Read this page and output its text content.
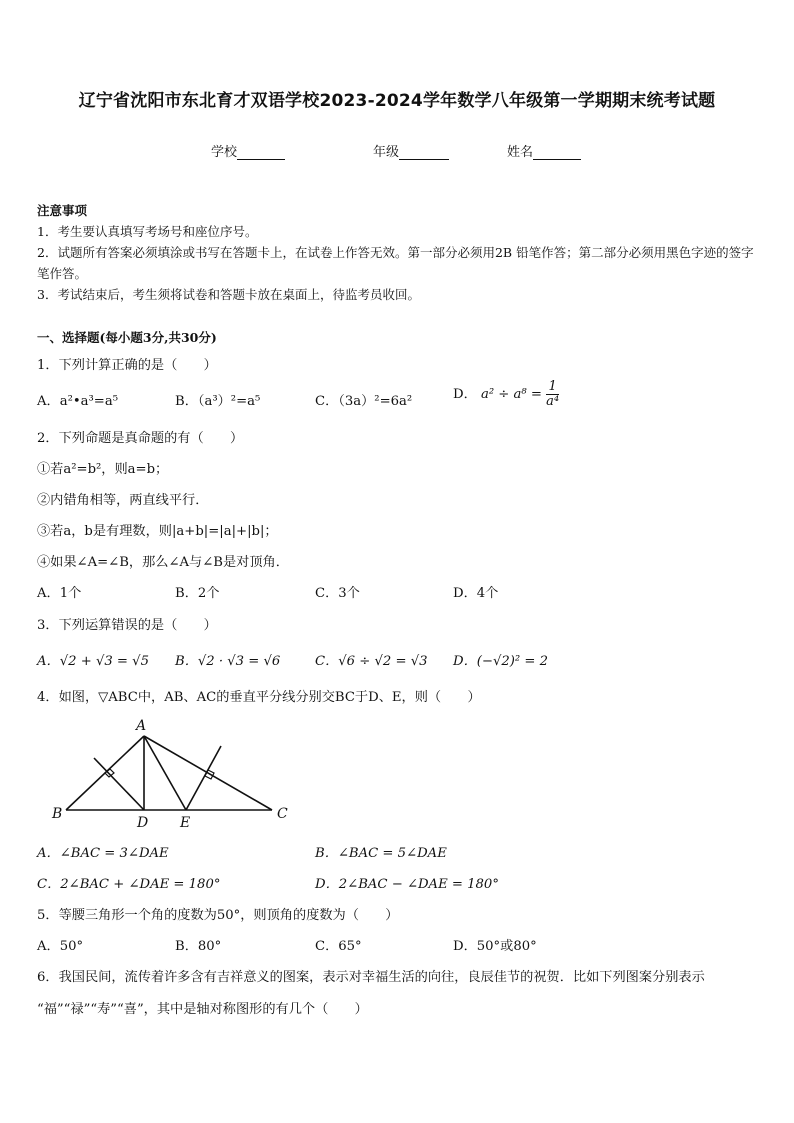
辽宁省沈阳市东北育才双语学校2023-2024学年数学八年级第一学期期末统考试题
学校	年级	姓名
注意事项
1．考生要认真填写考场号和座位序号。
2．试题所有答案必须填涂或书写在答题卡上，在试卷上作答无效。第一部分必须用2B 铅笔作答；第二部分必须用黑色字迹的签字笔作答。
3．考试结束后，考生须将试卷和答题卡放在桌面上，待监考员收回。
一、选择题(每小题3分,共30分)
1．下列计算正确的是（　　）
A．a²•a³=a⁵	B．（a³）²=a⁵	C．（3a）²=6a²	D． $a^2 \div a^8 = \frac{1}{\text{a⁴}}$
2．下列命题是真命题的有（　　）
①若a²=b²，则a=b；
②内错角相等，两直线平行．
③若a，b是有理数，则|a+b|=|a|+|b|；
④如果∠A=∠B，那么∠A与∠B是对顶角．
A．1个	B．2个	C．3个	D．4个
3．下列运算错误的是（　　）
A．√2 + √3 = √5 B．√2 · √3 = √6	C．√6 ÷ √2 = √3 D．(−√2)² = 2
4．如图，▽ABC中，AB、AC的垂直平分线分别交BC于D、E，则（　　）
A
B	C
D E
A．∠BAC = 3∠DAE	B．∠BAC = 5∠DAE
C．2∠BAC + ∠DAE = 180°	D．2∠BAC − ∠DAE = 180°
5．等腰三角形一个角的度数为50°，则顶角的度数为（　　）
A．50°	B．80°	C．65°	D．50°或80°
6．我国民间，流传着许多含有吉祥意义的图案，表示对幸福生活的向往，良辰佳节的祝贺．比如下列图案分别表示
“福”“禄”“寿”“喜”，其中是轴对称图形的有几个（　　）
